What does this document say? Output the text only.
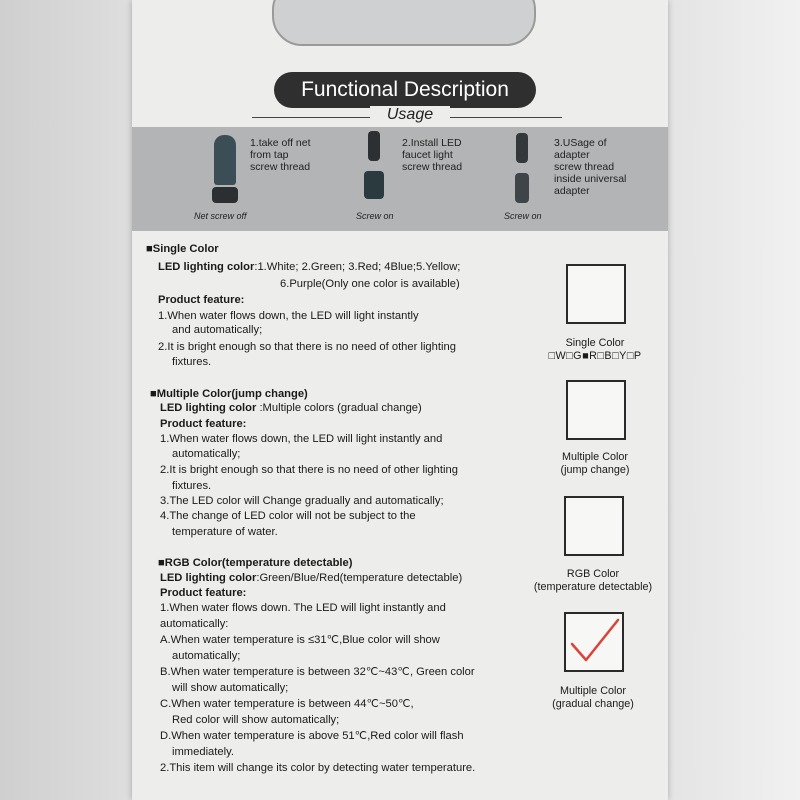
Functional Description
Usage
1.take off net
from tap
screw thread
Net screw off
2.Install LED
faucet light
screw thread
Screw on
3.USage of
adapter
screw thread
inside universal
adapter
Screw on
■Single Color
LED lighting color:1.White; 2.Green; 3.Red; 4Blue;5.Yellow;
6.Purple(Only one color is available)
Product feature:
1.When water flows down, the LED will light instantly
and automatically;
2.It is bright enough so that there is no need of other lighting
fixtures.
Single Color
□W□G■R□B□Y□P
■Multiple Color(jump change)
LED lighting color :Multiple colors (gradual change)
Product feature:
1.When water flows down, the LED will light instantly and
automatically;
2.It is bright enough so that there is no need of other lighting
fixtures.
3.The LED color will Change gradually and automatically;
4.The change of LED color will not be subject to the
temperature of water.
Multiple Color
(jump change)
■RGB Color(temperature detectable)
LED lighting color:Green/Blue/Red(temperature detectable)
Product feature:
1.When water flows down. The LED will light instantly and
automatically:
A.When water temperature is ≤31℃,Blue color will show
automatically;
B.When water temperature is between 32℃~43℃, Green color
will show automatically;
C.When water temperature is between 44℃~50℃,
Red color will show automatically;
D.When water temperature is above 51℃,Red color will flash
immediately.
2.This item will change its color by detecting water temperature.
RGB Color
(temperature detectable)
Multiple Color
(gradual change)
